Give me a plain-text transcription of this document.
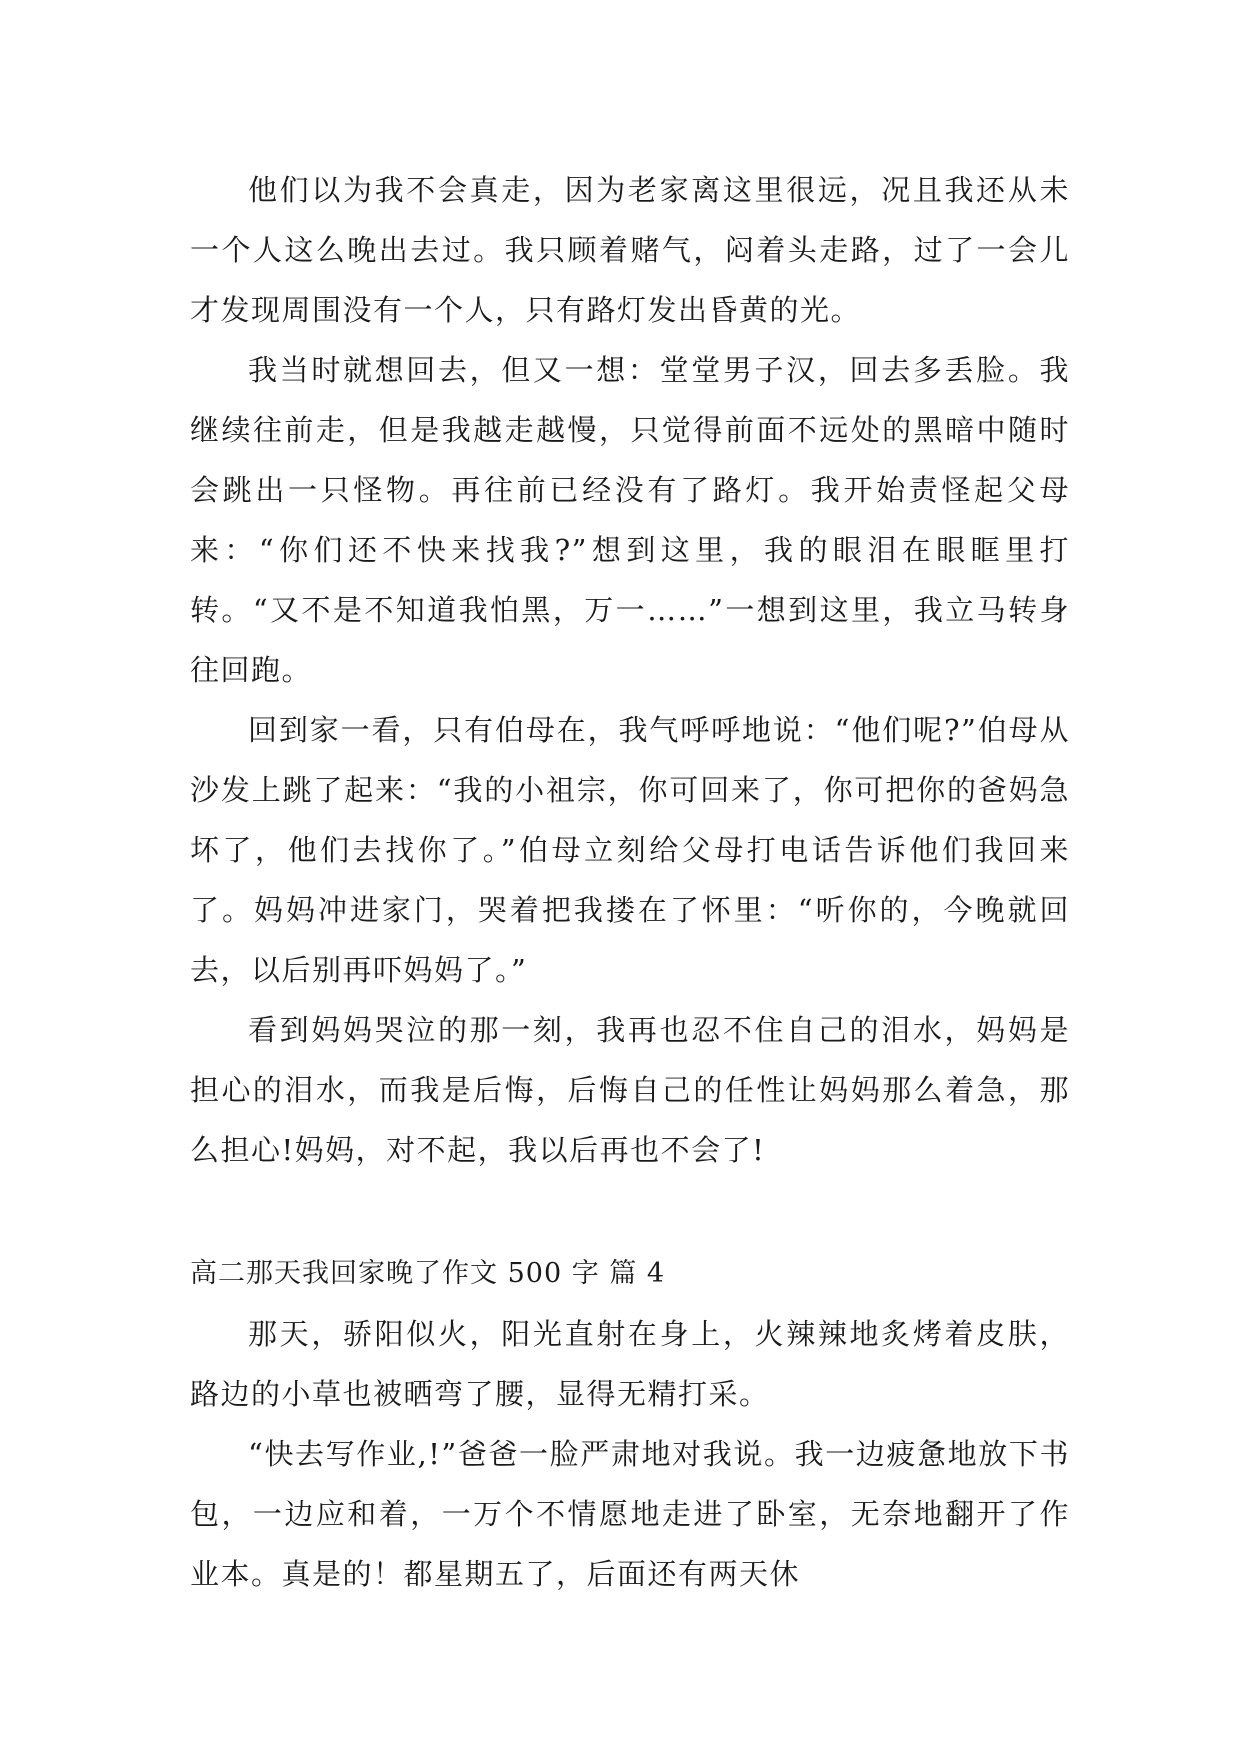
他们以为我不会真走，因为老家离这里很远，况且我还从未一个人这么晚出去过。我只顾着赌气，闷着头走路，过了一会儿才发现周围没有一个人，只有路灯发出昏黄的光。

我当时就想回去，但又一想：堂堂男子汉，回去多丢脸。我继续往前走，但是我越走越慢，只觉得前面不远处的黑暗中随时会跳出一只怪物。再往前已经没有了路灯。我开始责怪起父母来：“你们还不快来找我?”想到这里，我的眼泪在眼眶里打转。“又不是不知道我怕黑，万一……”一想到这里，我立马转身往回跑。

回到家一看，只有伯母在，我气呼呼地说：“他们呢?”伯母从沙发上跳了起来：“我的小祖宗，你可回来了，你可把你的爸妈急坏了，他们去找你了。”伯母立刻给父母打电话告诉他们我回来了。妈妈冲进家门，哭着把我搂在了怀里：“听你的，今晚就回去，以后别再吓妈妈了。”

看到妈妈哭泣的那一刻，我再也忍不住自己的泪水，妈妈是担心的泪水，而我是后悔，后悔自己的任性让妈妈那么着急，那么担心!妈妈，对不起，我以后再也不会了!

高二那天我回家晚了作文 500 字 篇 4

那天，骄阳似火，阳光直射在身上，火辣辣地炙烤着皮肤，路边的小草也被晒弯了腰，显得无精打采。

“快去写作业,!”爸爸一脸严肃地对我说。我一边疲惫地放下书包，一边应和着，一万个不情愿地走进了卧室，无奈地翻开了作业本。真是的！都星期五了，后面还有两天休
